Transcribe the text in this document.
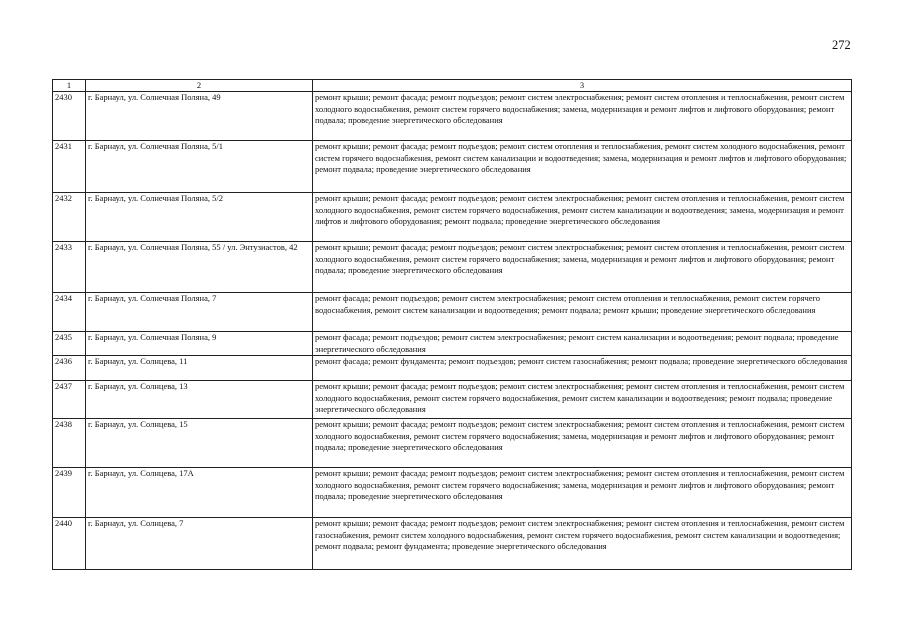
272
1	2	3
2430	г. Барнаул, ул. Солнечная Поляна, 49	ремонт крыши; ремонт фасада; ремонт подъездов; ремонт систем электроснабжения; ремонт систем отопления и теплоснабжения, ремонт систем холодного водоснабжения, ремонт систем горячего водоснабжения; замена, модернизация и ремонт лифтов и лифтового оборудования; ремонт подвала; проведение энергетического обследования
2431	г. Барнаул, ул. Солнечная Поляна, 5/1	ремонт крыши; ремонт фасада; ремонт подъездов; ремонт систем отопления и теплоснабжения, ремонт систем холодного водоснабжения, ремонт систем горячего водоснабжения, ремонт систем канализации и водоотведения; замена, модернизация и ремонт лифтов и лифтового оборудования; ремонт подвала; проведение энергетического обследования
2432	г. Барнаул, ул. Солнечная Поляна, 5/2	ремонт крыши; ремонт фасада; ремонт подъездов; ремонт систем электроснабжения; ремонт систем отопления и теплоснабжения, ремонт систем холодного водоснабжения, ремонт систем горячего водоснабжения, ремонт систем канализации и водоотведения; замена, модернизация и ремонт лифтов и лифтового оборудования; ремонт подвала; проведение энергетического обследования
2433	г. Барнаул, ул. Солнечная Поляна, 55 / ул. Энтузиастов, 42	ремонт крыши; ремонт фасада; ремонт подъездов; ремонт систем электроснабжения; ремонт систем отопления и теплоснабжения, ремонт систем холодного водоснабжения, ремонт систем горячего водоснабжения; замена, модернизация и ремонт лифтов и лифтового оборудования; ремонт подвала; проведение энергетического обследования
2434	г. Барнаул, ул. Солнечная Поляна, 7	ремонт фасада; ремонт подъездов; ремонт систем электроснабжения; ремонт систем отопления и теплоснабжения, ремонт систем горячего водоснабжения, ремонт систем канализации и водоотведения; ремонт подвала; ремонт крыши; проведение энергетического обследования
2435	г. Барнаул, ул. Солнечная Поляна, 9	ремонт фасада; ремонт подъездов; ремонт систем электроснабжения; ремонт систем канализации и водоотведения; ремонт подвала; проведение энергетического обследования
2436	г. Барнаул, ул. Солнцева, 11	ремонт фасада; ремонт фундамента; ремонт подъездов; ремонт систем газоснабжения; ремонт подвала; проведение энергетического обследования
2437	г. Барнаул, ул. Солнцева, 13	ремонт крыши; ремонт фасада; ремонт подъездов; ремонт систем электроснабжения; ремонт систем отопления и теплоснабжения, ремонт систем холодного водоснабжения, ремонт систем горячего водоснабжения, ремонт систем канализации и водоотведения; ремонт подвала; проведение энергетического обследования
2438	г. Барнаул, ул. Солнцева, 15	ремонт крыши; ремонт фасада; ремонт подъездов; ремонт систем электроснабжения; ремонт систем отопления и теплоснабжения, ремонт систем холодного водоснабжения, ремонт систем горячего водоснабжения; замена, модернизация и ремонт лифтов и лифтового оборудования; ремонт подвала; проведение энергетического обследования
2439	г. Барнаул, ул. Солнцева, 17А	ремонт крыши; ремонт фасада; ремонт подъездов; ремонт систем электроснабжения; ремонт систем отопления и теплоснабжения, ремонт систем холодного водоснабжения, ремонт систем горячего водоснабжения; замена, модернизация и ремонт лифтов и лифтового оборудования; ремонт подвала; проведение энергетического обследования
2440	г. Барнаул, ул. Солнцева, 7	ремонт крыши; ремонт фасада; ремонт подъездов; ремонт систем электроснабжения; ремонт систем отопления и теплоснабжения, ремонт систем газоснабжения, ремонт систем холодного водоснабжения, ремонт систем горячего водоснабжения, ремонт систем канализации и водоотведения; ремонт подвала; ремонт фундамента; проведение энергетического обследования
